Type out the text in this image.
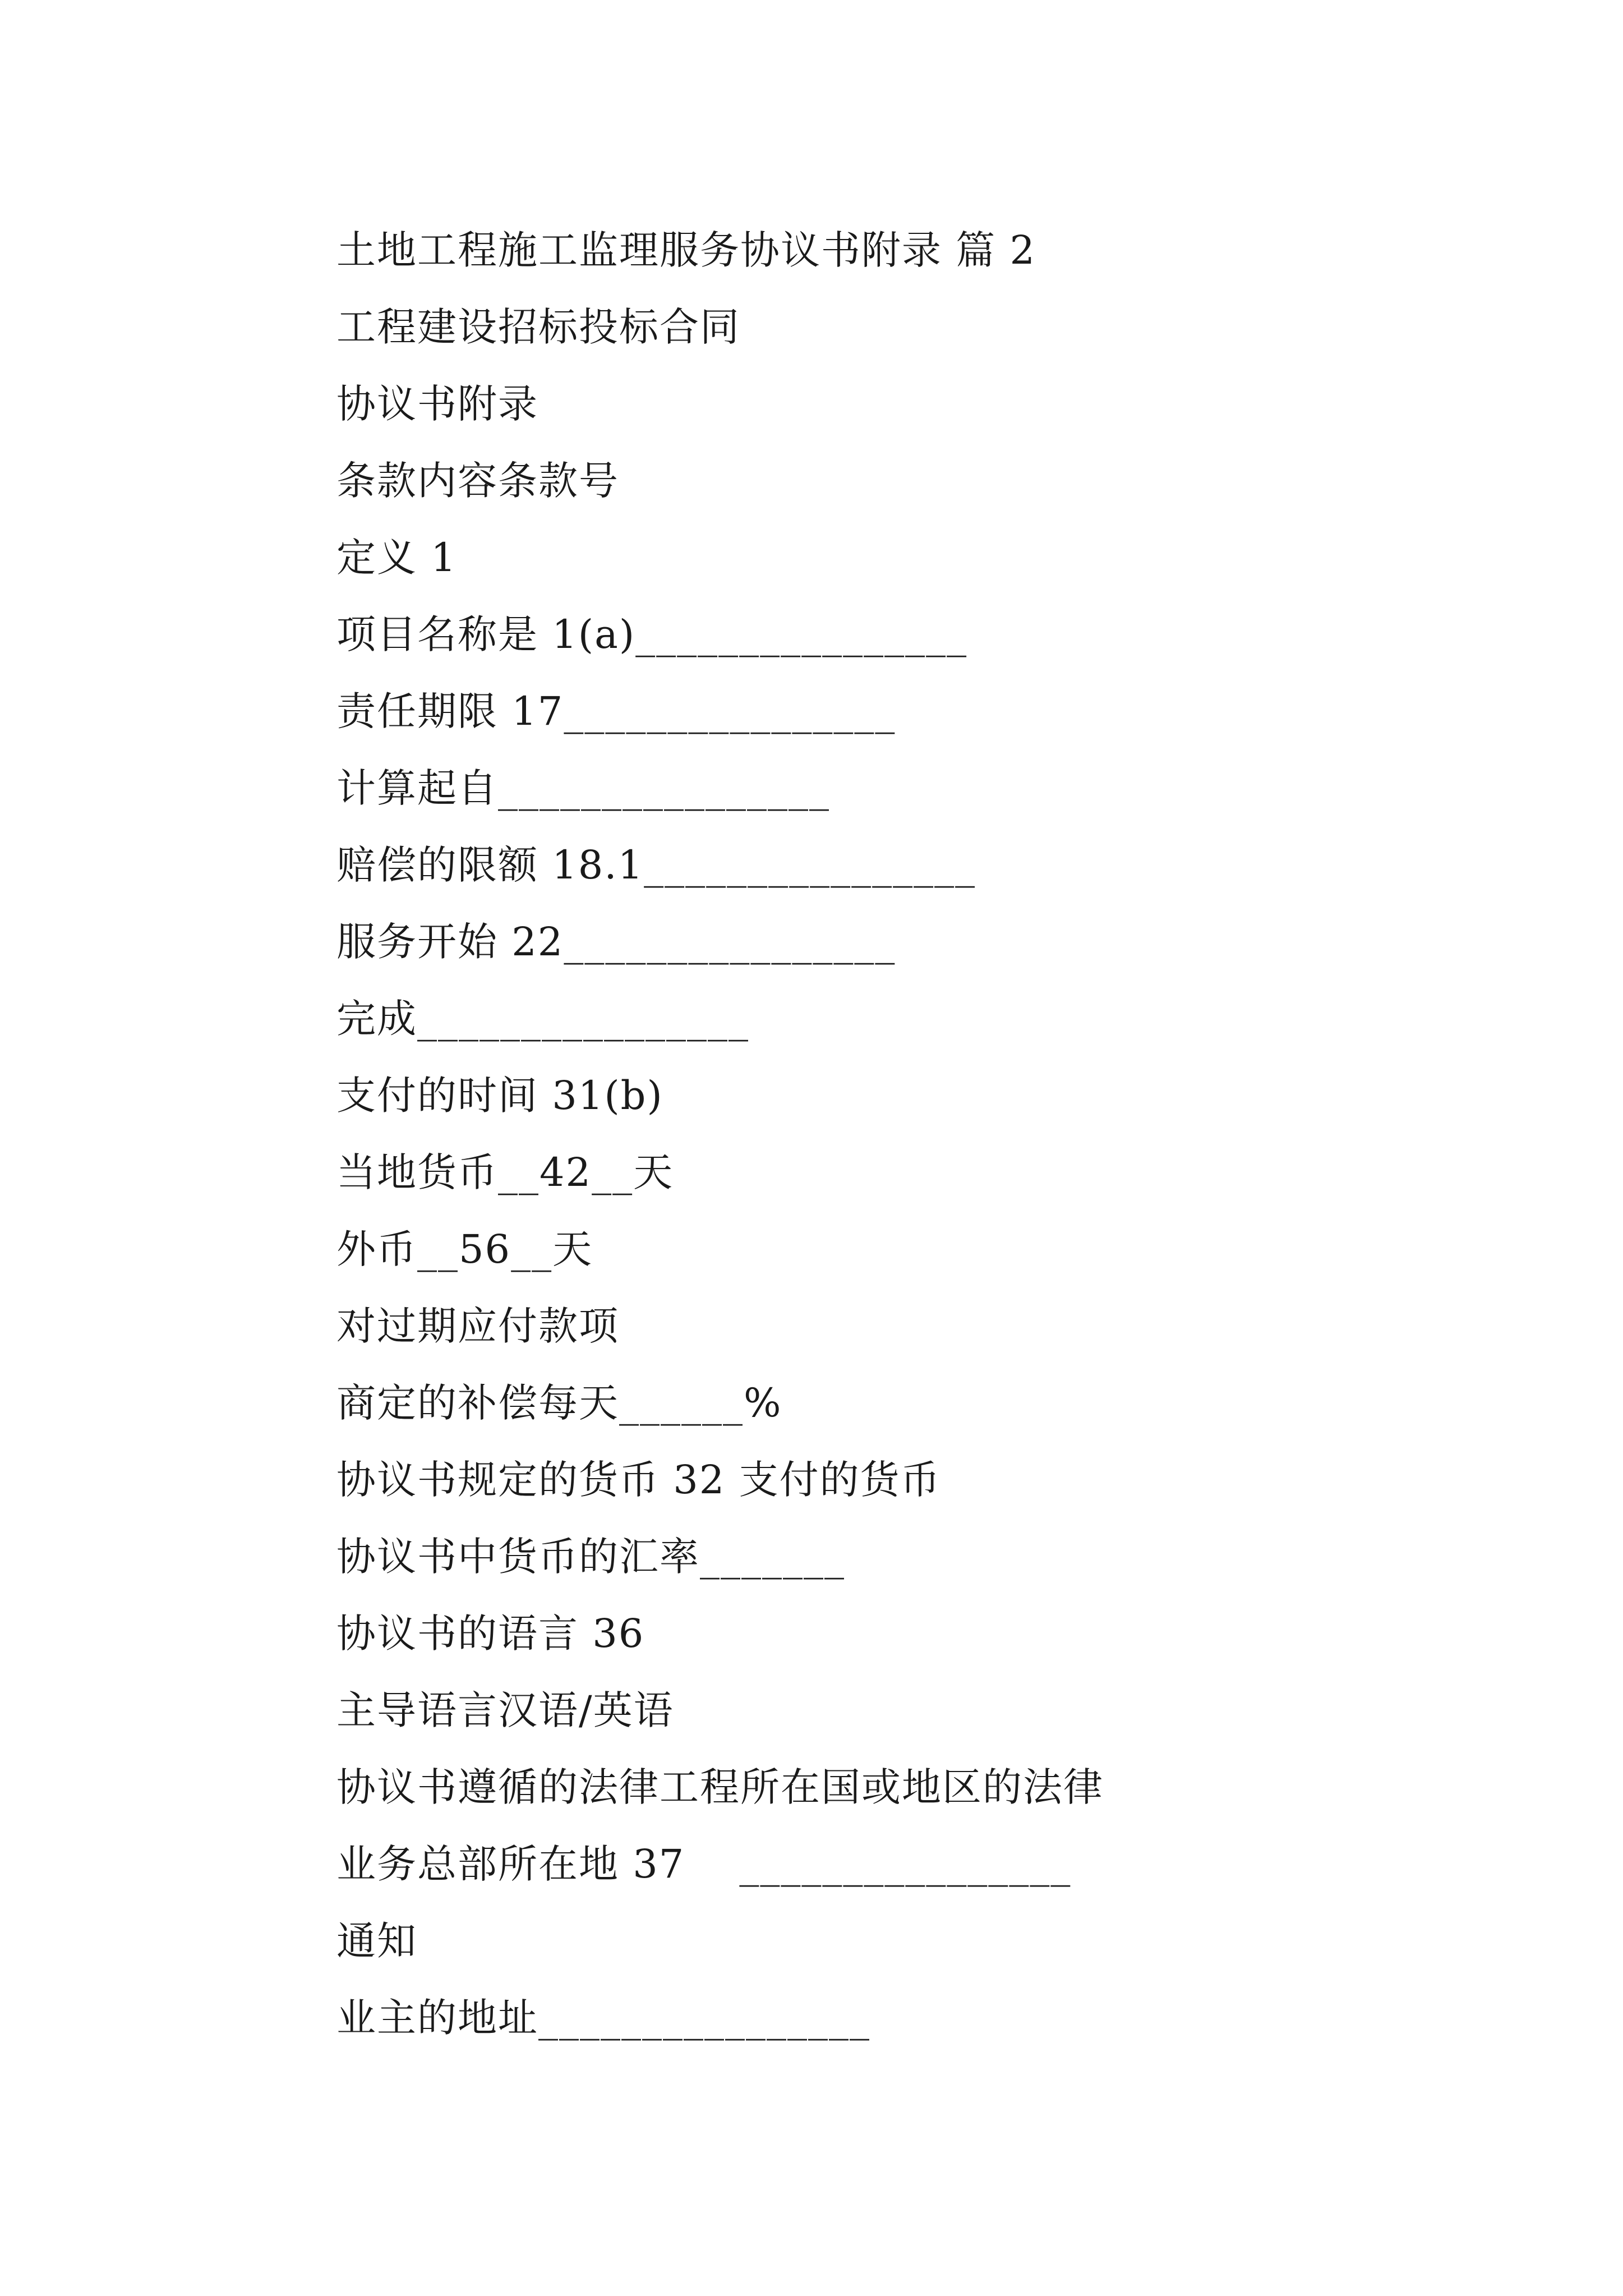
土地工程施工监理服务协议书附录 篇 2
工程建设招标投标合同
协议书附录
条款内容条款号
定义 1
项目名称是 1(a)________________
责任期限 17________________
计算起自________________
赔偿的限额 18.1________________
服务开始 22________________
完成________________
支付的时间 31(b)
当地货币__42__天
外币__56__天
对过期应付款项
商定的补偿每天______%
协议书规定的货币 32 支付的货币
协议书中货币的汇率_______
协议书的语言 36
主导语言汉语/英语
协议书遵循的法律工程所在国或地区的法律
业务总部所在地 37    ________________
通知
业主的地址________________
